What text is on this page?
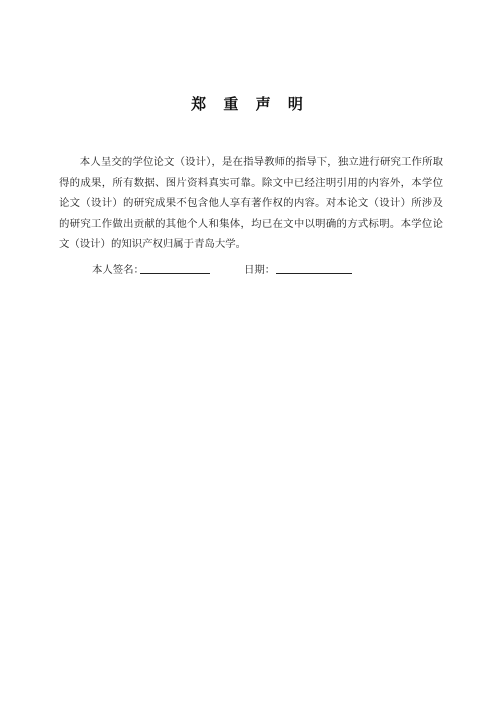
郑 重 声 明
本人呈交的学位论文（设计），是在指导教师的指导下，独立进行研究工作所取得的成果，所有数据、图片资料真实可靠。除文中已经注明引用的内容外，本学位论文（设计）的研究成果不包含他人享有著作权的内容。对本论文（设计）所涉及的研究工作做出贡献的其他个人和集体，均已在文中以明确的方式标明。本学位论文（设计）的知识产权归属于青岛大学。
本人签名：	日期：
